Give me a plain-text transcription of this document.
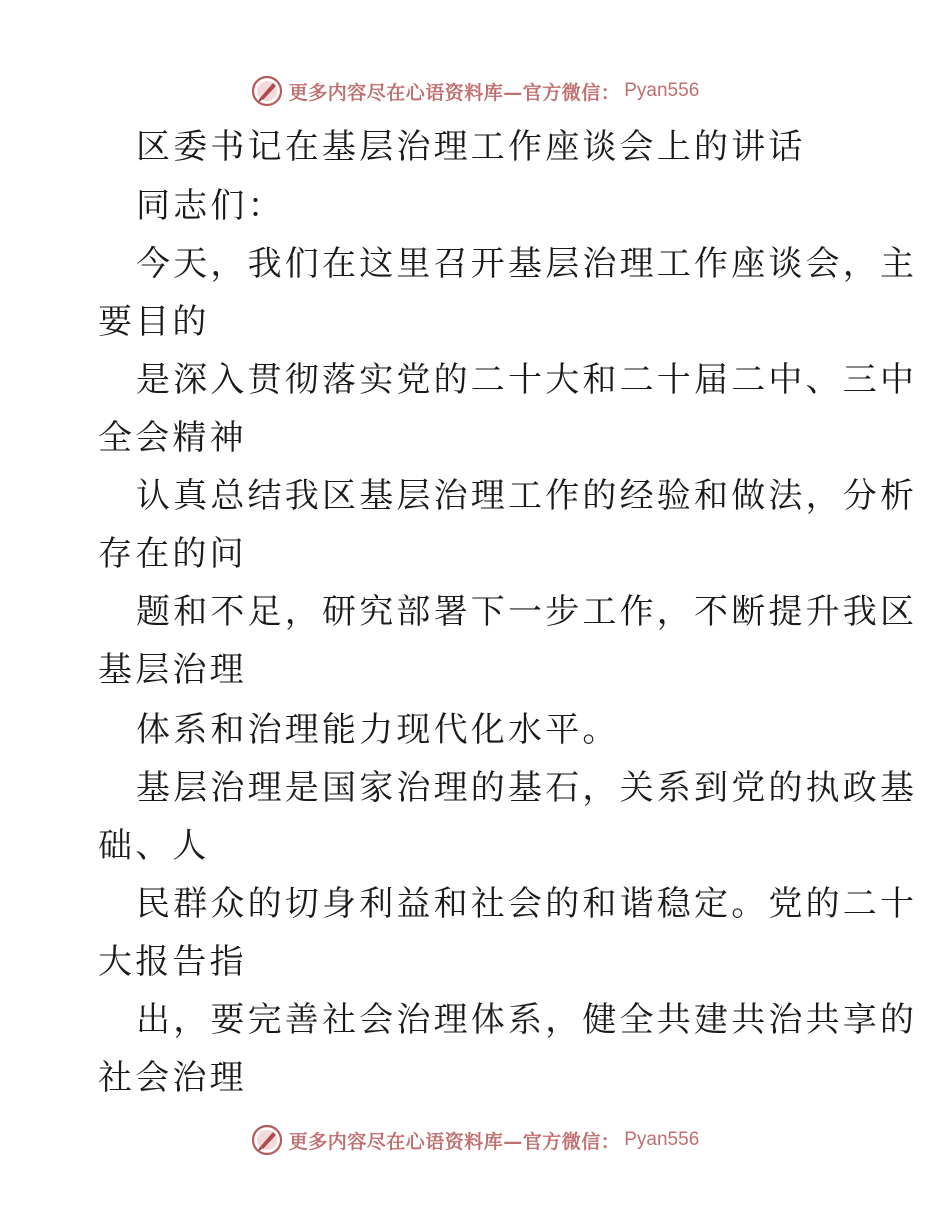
更多内容尽在心语资料库—官方微信： Pyan556
区委书记在基层治理工作座谈会上的讲话
同志们：
今天，我们在这里召开基层治理工作座谈会，主
要目的
是深入贯彻落实党的二十大和二十届二中、三中
全会精神
认真总结我区基层治理工作的经验和做法，分析
存在的问
题和不足，研究部署下一步工作，不断提升我区
基层治理
体系和治理能力现代化水平。
基层治理是国家治理的基石，关系到党的执政基
础、人
民群众的切身利益和社会的和谐稳定。党的二十
大报告指
出，要完善社会治理体系，健全共建共治共享的
社会治理
更多内容尽在心语资料库—官方微信： Pyan556
